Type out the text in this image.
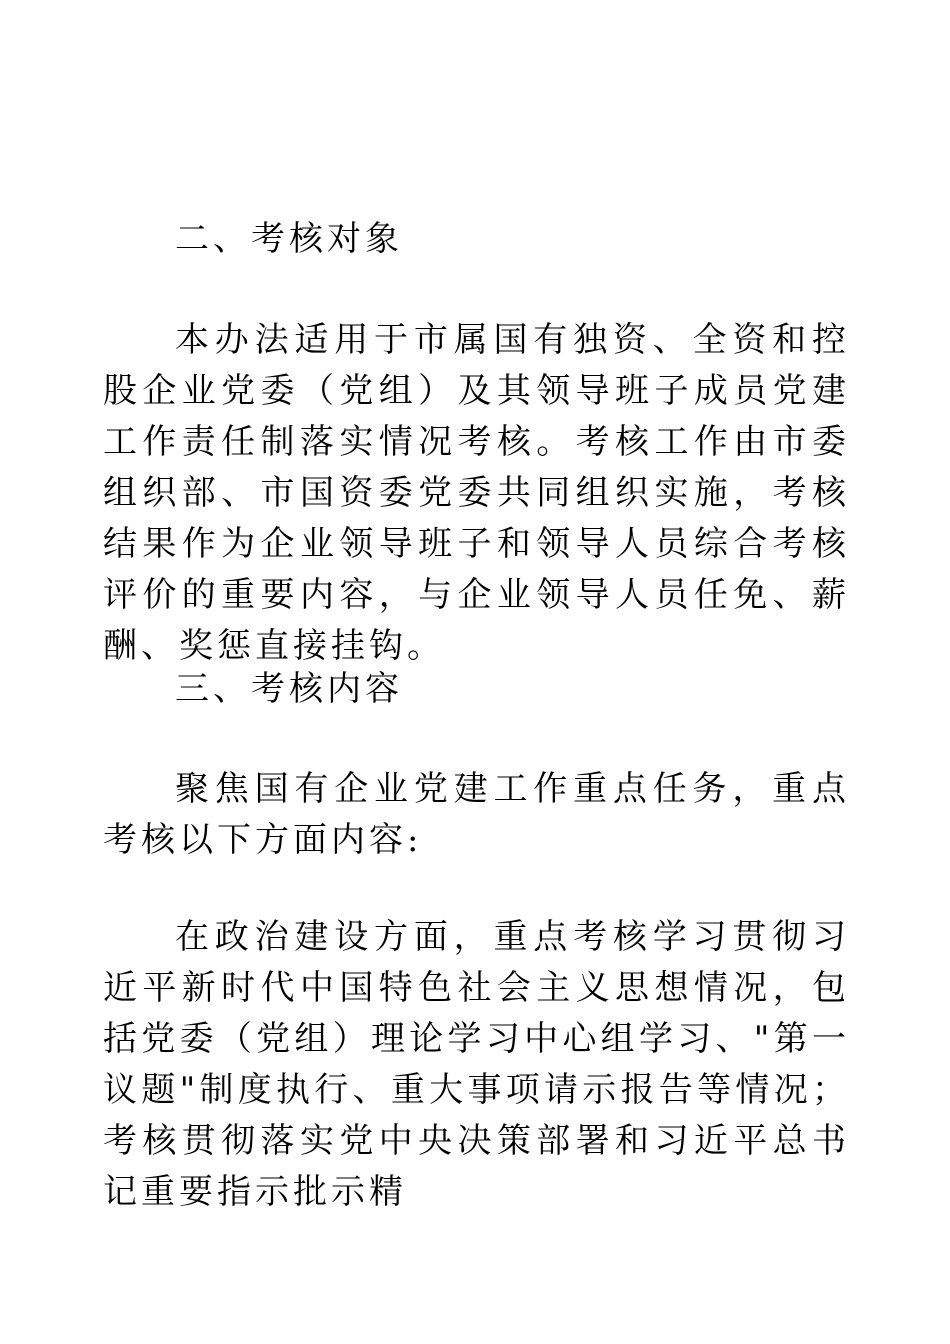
二、考核对象

本办法适用于市属国有独资、全资和控股企业党委（党组）及其领导班子成员党建工作责任制落实情况考核。考核工作由市委组织部、市国资委党委共同组织实施，考核结果作为企业领导班子和领导人员综合考核评价的重要内容，与企业领导人员任免、薪酬、奖惩直接挂钩。

三、考核内容

聚焦国有企业党建工作重点任务，重点考核以下方面内容:

在政治建设方面，重点考核学习贯彻习近平新时代中国特色社会主义思想情况，包括党委（党组）理论学习中心组学习、"第一议题"制度执行、重大事项请示报告等情况；考核贯彻落实党中央决策部署和习近平总书记重要指示批示精
